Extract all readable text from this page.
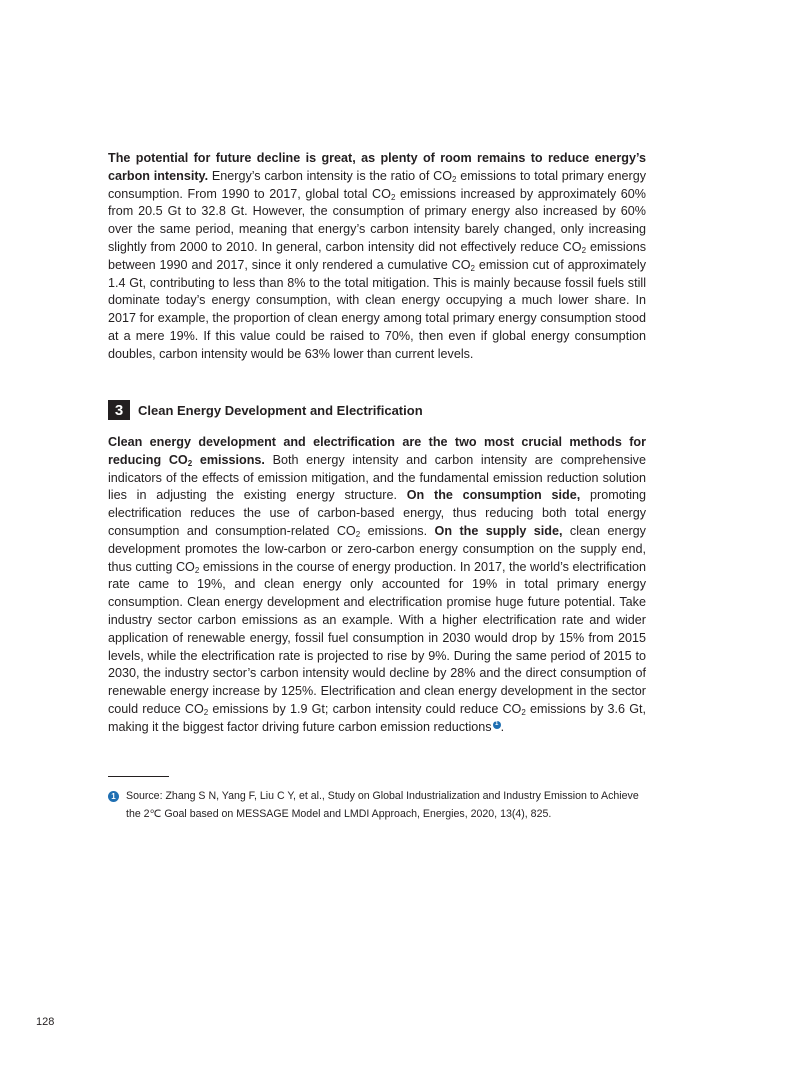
The potential for future decline is great, as plenty of room remains to reduce energy’s carbon intensity. Energy’s carbon intensity is the ratio of $CO_2$ emissions to total primary energy consumption. From 1990 to 2017, global total $CO_2$ emissions increased by approximately 60% from 20.5 Gt to 32.8 Gt. However, the consumption of primary energy also increased by 60% over the same period, meaning that energy’s carbon intensity barely changed, only increasing slightly from 2000 to 2010. In general, carbon intensity did not effectively reduce $CO_2$ emissions between 1990 and 2017, since it only rendered a cumulative $CO_2$ emission cut of approximately 1.4 Gt, contributing to less than 8% to the total mitigation. This is mainly because fossil fuels still dominate today’s energy consumption, with clean energy occupying a much lower share. In 2017 for example, the proportion of clean energy among total primary energy consumption stood at a mere 19%. If this value could be raised to 70%, then even if global energy consumption doubles, carbon intensity would be 63% lower than current levels.

3	Clean Energy Development and Electrification

Clean energy development and electrification are the two most crucial methods for reducing $CO_2$ emissions. Both energy intensity and carbon intensity are comprehensive indicators of the effects of emission mitigation, and the fundamental emission reduction solution lies in adjusting the existing energy structure. On the consumption side, promoting electrification reduces the use of carbon-based energy, thus reducing both total energy consumption and consumption-related $CO_2$ emissions. On the supply side, clean energy development promotes the low-carbon or zero-carbon energy consumption on the supply end, thus cutting $CO_2$ emissions in the course of energy production. In 2017, the world’s electrification rate came to 19%, and clean energy only accounted for 19% in total primary energy consumption. Clean energy development and electrification promise huge future potential. Take industry sector carbon emissions as an example. With a higher electrification rate and wider application of renewable energy, fossil fuel consumption in 2030 would drop by 15% from 2015 levels, while the electrification rate is projected to rise by 9%. During the same period of 2015 to 2030, the industry sector’s carbon intensity would decline by 28% and the direct consumption of renewable energy increase by 125%. Electrification and clean energy development in the sector could reduce $CO_2$ emissions by 1.9 Gt; carbon intensity could reduce $CO_2$ emissions by 3.6 Gt, making it the biggest factor driving future carbon emission reductions 1 .

1 Source: Zhang S N, Yang F, Liu C Y, et al., Study on Global Industrialization and Industry Emission to Achieve the 2℃ Goal based on MESSAGE Model and LMDI Approach, Energies, 2020, 13(4), 825.
128
